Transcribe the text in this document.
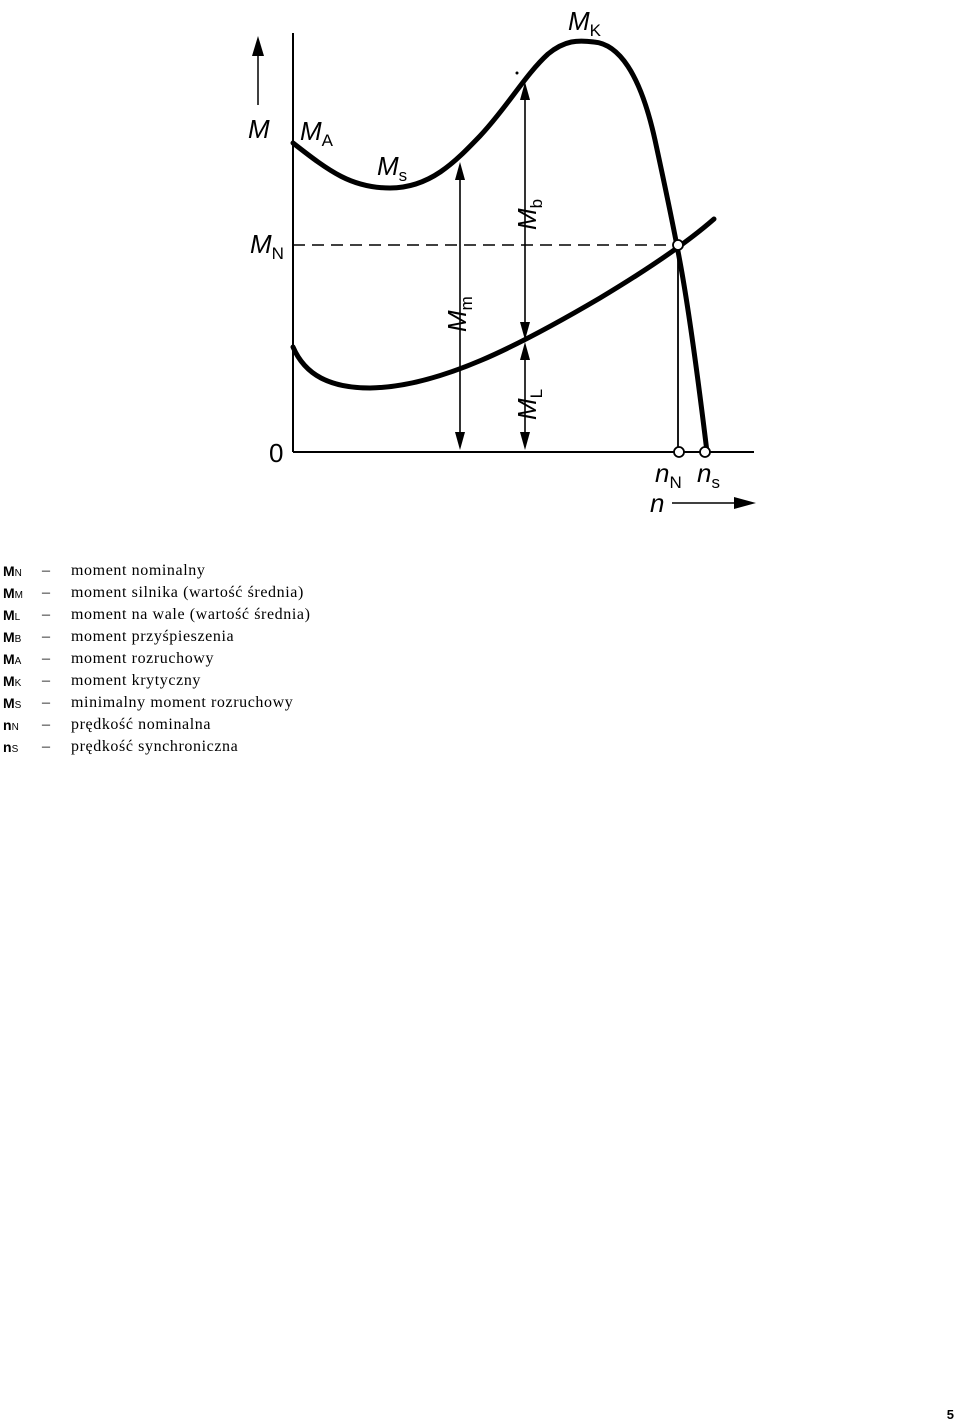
M
n
0
$M_A$
$M_s$
$M_K$
$M_N$
$M_m$
$M_b$
$M_L$
$n_N$ $n_s$
MN – moment nominalny
MM – moment silnika (wartość średnia)
ML – moment na wale (wartość średnia)
MB – moment przyśpieszenia
MA – moment rozruchowy
MK – moment krytyczny
MS – minimalny moment rozruchowy
nN – prędkość nominalna
nS – prędkość synchroniczna
5
